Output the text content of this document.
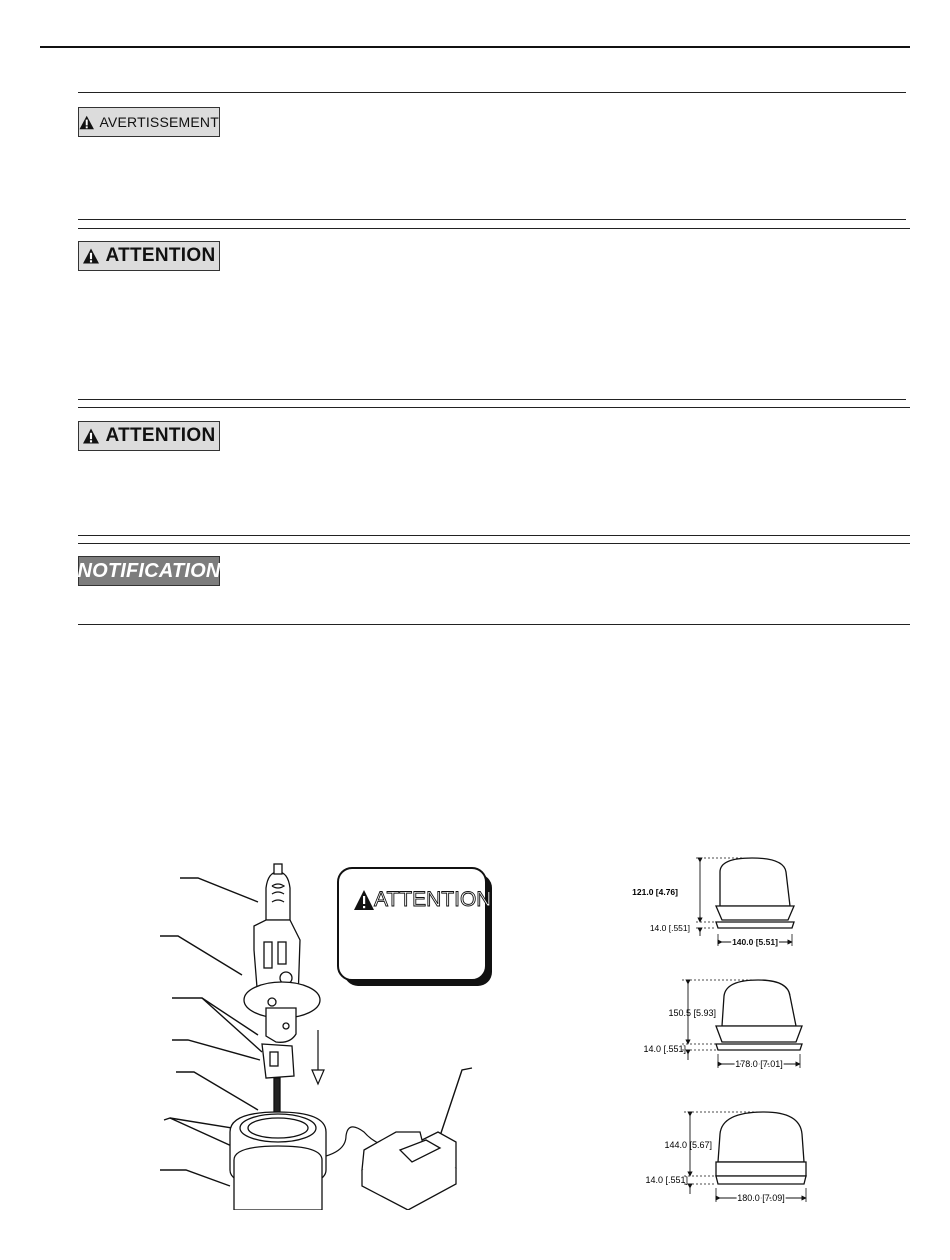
AVERTISSEMENT
ATTENTION
ATTENTION
NOTIFICATION
ATTENTION	121.0 [4.76]
14.0 [.551]
140.0 [5.51]
150.5 [5.93]
14.0 [.551]
178.0 [7.01]
144.0 [5.67]
14.0 [.551]
180.0 [7.09]
